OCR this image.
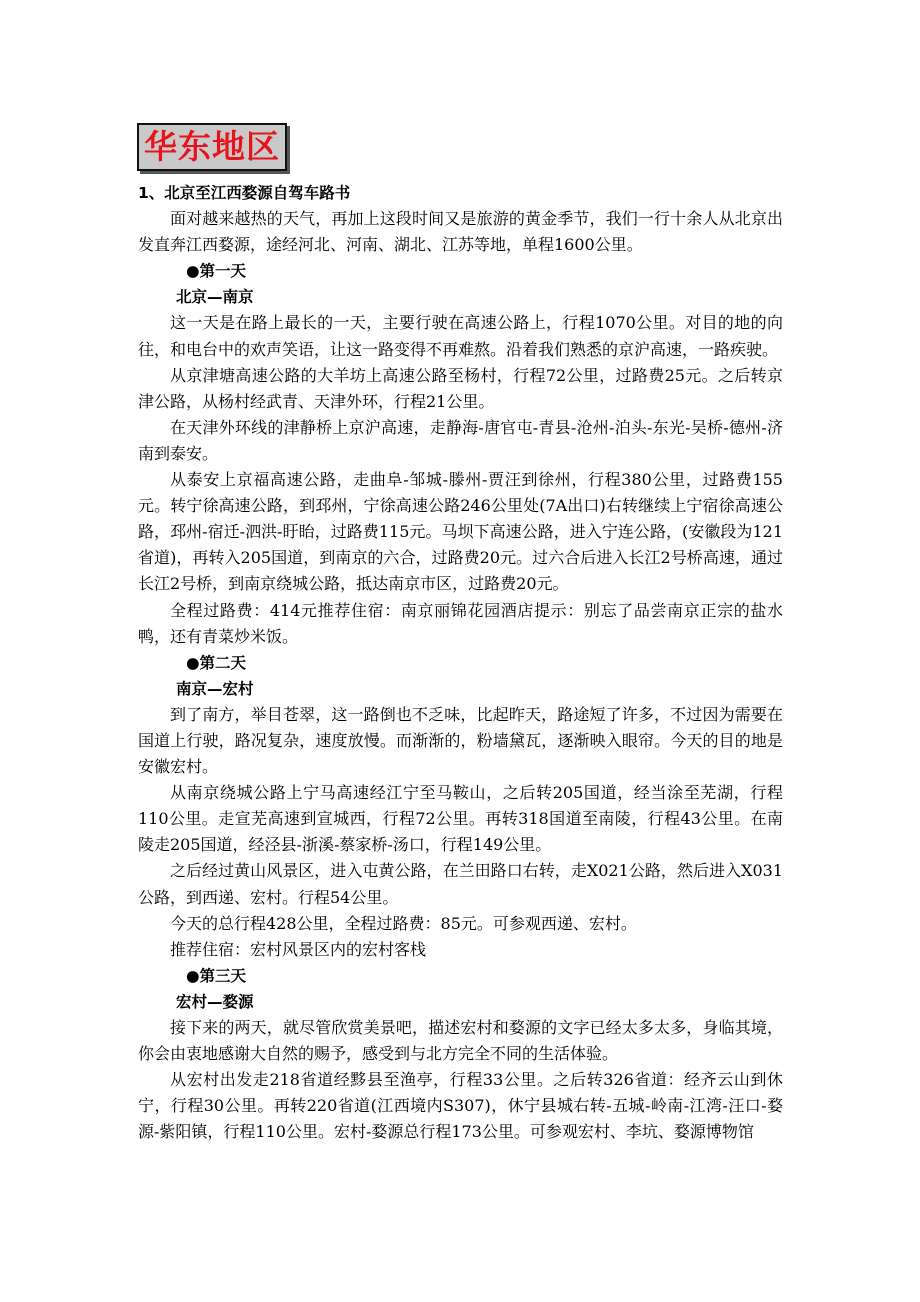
华东地区

1、北京至江西婺源自驾车路书

面对越来越热的天气，再加上这段时间又是旅游的黄金季节，我们一行十余人从北京出发直奔江西婺源，途经河北、河南、湖北、江苏等地，单程1600公里。

●第一天

北京—南京

这一天是在路上最长的一天，主要行驶在高速公路上，行程1070公里。对目的地的向往，和电台中的欢声笑语，让这一路变得不再难熬。沿着我们熟悉的京沪高速，一路疾驶。

从京津塘高速公路的大羊坊上高速公路至杨村，行程72公里，过路费25元。之后转京津公路，从杨村经武青、天津外环，行程21公里。

在天津外环线的津静桥上京沪高速，走静海-唐官屯-青县-沧州-泊头-东光-吴桥-德州-济南到泰安。

从泰安上京福高速公路，走曲阜-邹城-滕州-贾汪到徐州，行程380公里，过路费155元。转宁徐高速公路，到邳州，宁徐高速公路246公里处(7A出口)右转继续上宁宿徐高速公路，邳州-宿迁-泗洪-盱眙，过路费115元。马坝下高速公路，进入宁连公路，(安徽段为121省道)，再转入205国道，到南京的六合，过路费20元。过六合后进入长江2号桥高速，通过长江2号桥，到南京绕城公路，抵达南京市区，过路费20元。

全程过路费：414元推荐住宿：南京丽锦花园酒店提示：别忘了品尝南京正宗的盐水鸭，还有青菜炒米饭。

●第二天

南京—宏村

到了南方，举目苍翠，这一路倒也不乏味，比起昨天，路途短了许多，不过因为需要在国道上行驶，路况复杂，速度放慢。而渐渐的，粉墙黛瓦，逐渐映入眼帘。今天的目的地是安徽宏村。

从南京绕城公路上宁马高速经江宁至马鞍山，之后转205国道，经当涂至芜湖，行程110公里。走宣芜高速到宣城西，行程72公里。再转318国道至南陵，行程43公里。在南陵走205国道，经泾县-浙溪-蔡家桥-汤口，行程149公里。

之后经过黄山风景区，进入屯黄公路，在兰田路口右转，走X021公路，然后进入X031公路，到西递、宏村。行程54公里。

今天的总行程428公里，全程过路费：85元。可参观西递、宏村。

推荐住宿：宏村风景区内的宏村客栈

●第三天

宏村—婺源

接下来的两天，就尽管欣赏美景吧，描述宏村和婺源的文字已经太多太多，身临其境，你会由衷地感谢大自然的赐予，感受到与北方完全不同的生活体验。

从宏村出发走218省道经黟县至渔亭，行程33公里。之后转326省道：经齐云山到休宁，行程30公里。再转220省道(江西境内S307)，休宁县城右转-五城-岭南-江湾-汪口-婺源-紫阳镇，行程110公里。宏村-婺源总行程173公里。可参观宏村、李坑、婺源博物馆
